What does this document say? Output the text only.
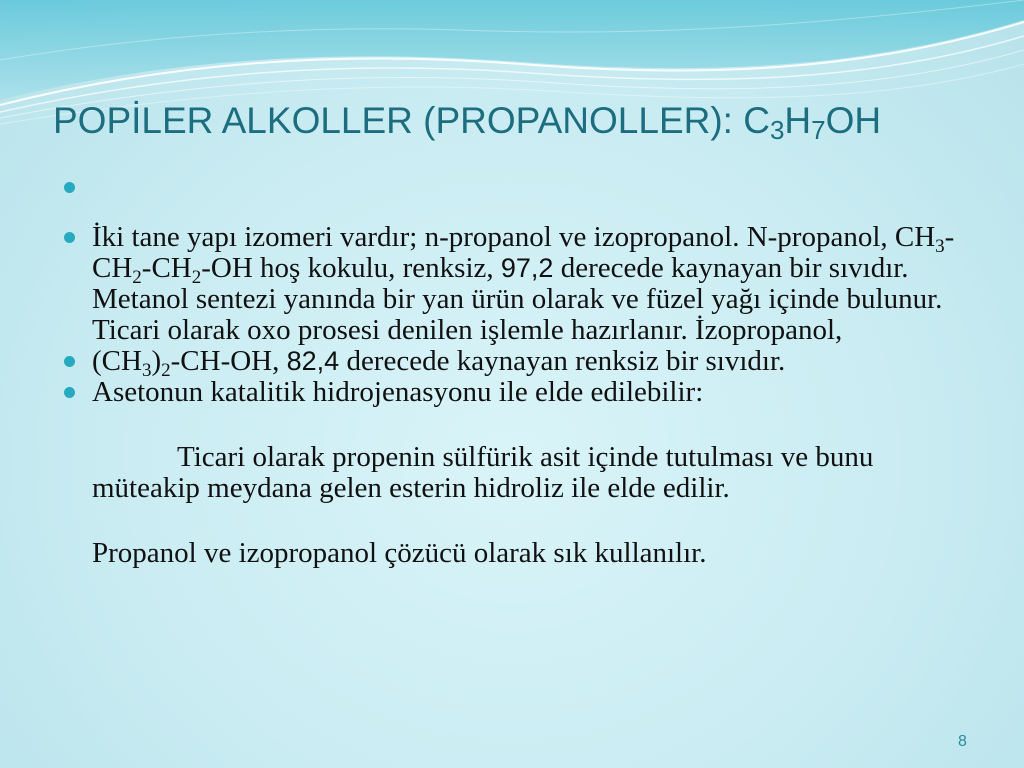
POPİLER ALKOLLER (PROPANOLLER): $C_3H_7OH$

İki tane yapı izomeri vardır; n-propanol ve izopropanol. N-propanol, $CH_3-CH_2-CH_2-OH$ hoş kokulu, renksiz, 97,2 derecede kaynayan bir sıvıdır. Metanol sentezi yanında bir yan ürün olarak ve füzel yağı içinde bulunur. Ticari olarak oxo prosesi denilen işlemle hazırlanır. İzopropanol,

$(CH_3)_2-CH-OH$, 82,4 derecede kaynayan renksiz bir sıvıdır.

Asetonun katalitik hidrojenasyonu ile elde edilebilir:

Ticari olarak propenin sülfürik asit içinde tutulması ve bunu müteakip meydana gelen esterin hidroliz ile elde edilir.

Propanol ve izopropanol çözücü olarak sık kullanılır.

8
